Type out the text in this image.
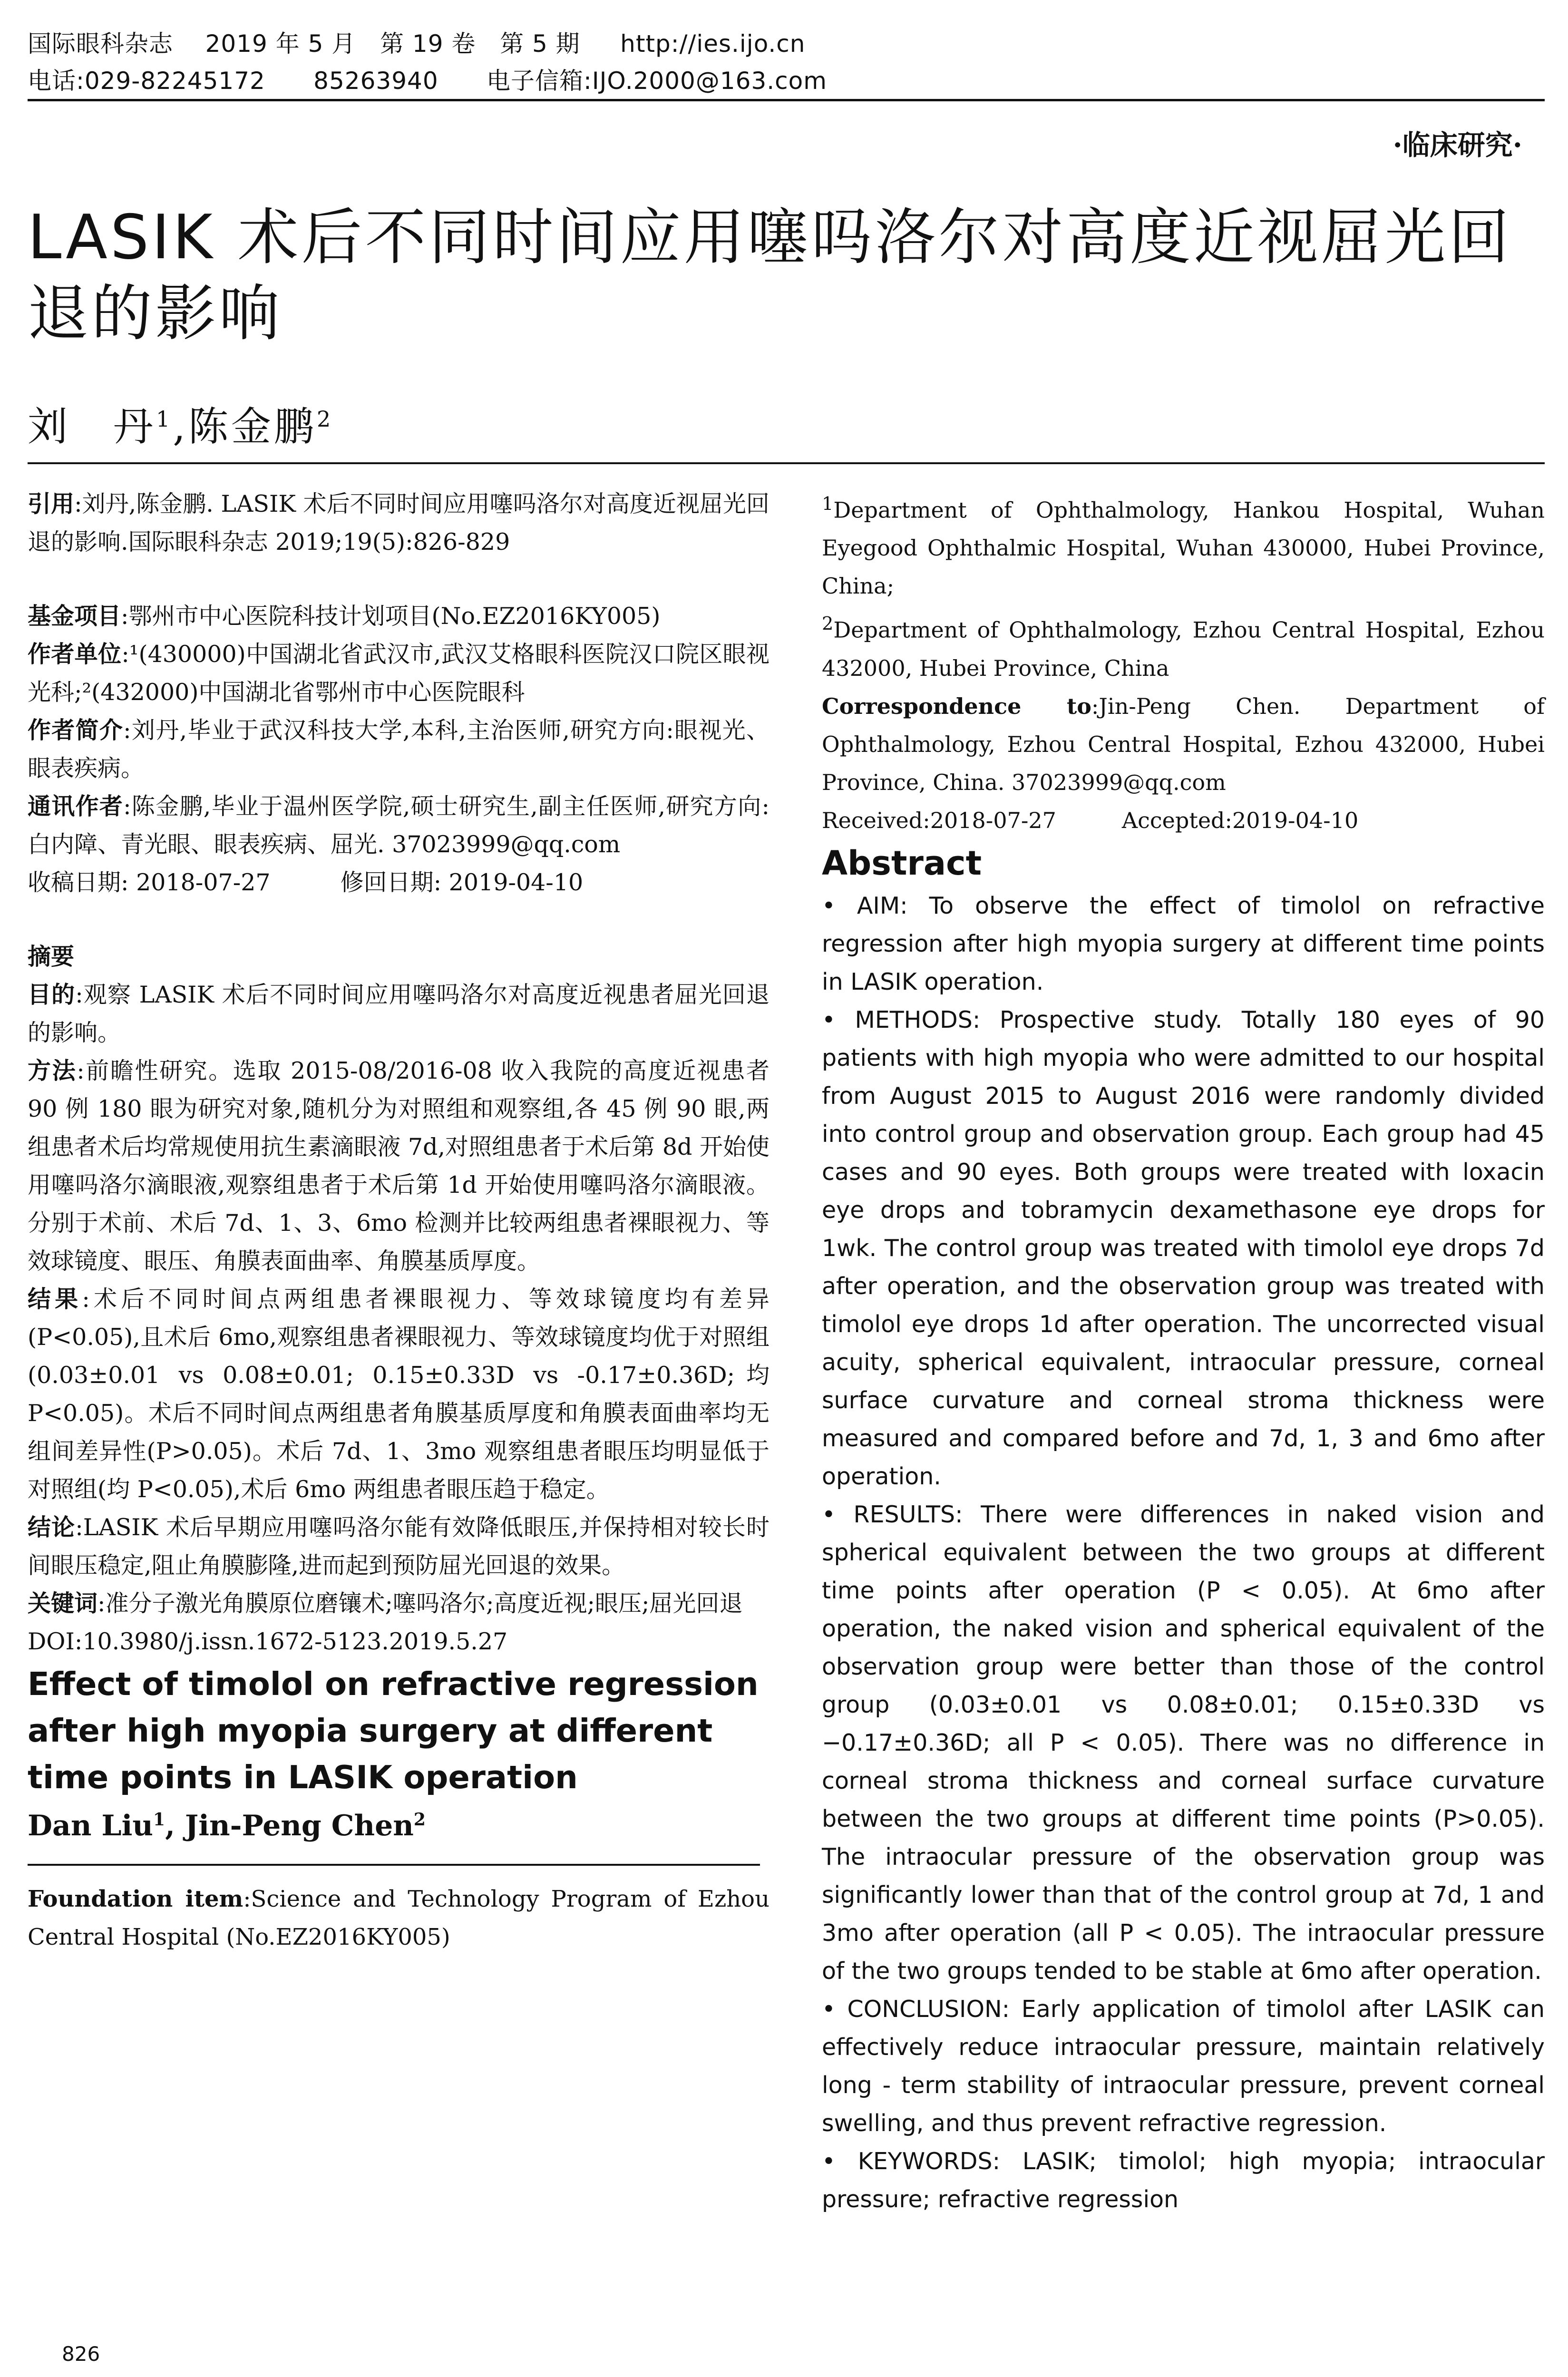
国际眼科杂志    2019 年 5 月   第 19 卷   第 5 期     http://ies.ijo.cn
电话:029-82245172      85263940      电子信箱:IJO.2000@163.com
·临床研究·
LASIK 术后不同时间应用噻吗洛尔对高度近视屈光回退的影响
刘　丹$^1$,陈金鹏$^2$

引用:刘丹,陈金鹏. LASIK 术后不同时间应用噻吗洛尔对高度近视屈光回退的影响.国际眼科杂志 2019;19(5):826-829

基金项目:鄂州市中心医院科技计划项目(No.EZ2016KY005)

作者单位:¹(430000)中国湖北省武汉市,武汉艾格眼科医院汉口院区眼视光科;²(432000)中国湖北省鄂州市中心医院眼科

作者简介:刘丹,毕业于武汉科技大学,本科,主治医师,研究方向:眼视光、眼表疾病。

通讯作者:陈金鹏,毕业于温州医学院,硕士研究生,副主任医师,研究方向:白内障、青光眼、眼表疾病、屈光. 37023999@qq.com

收稿日期: 2018-07-27　　　修回日期: 2019-04-10

摘要

目的:观察 LASIK 术后不同时间应用噻吗洛尔对高度近视患者屈光回退的影响。

方法:前瞻性研究。选取 2015-08/2016-08 收入我院的高度近视患者 90 例 180 眼为研究对象,随机分为对照组和观察组,各 45 例 90 眼,两组患者术后均常规使用抗生素滴眼液 7d,对照组患者于术后第 8d 开始使用噻吗洛尔滴眼液,观察组患者于术后第 1d 开始使用噻吗洛尔滴眼液。分别于术前、术后 7d、1、3、6mo 检测并比较两组患者裸眼视力、等效球镜度、眼压、角膜表面曲率、角膜基质厚度。

结果:术后不同时间点两组患者裸眼视力、等效球镜度均有差异(P<0.05),且术后 6mo,观察组患者裸眼视力、等效球镜度均优于对照组(0.03±0.01 vs 0.08±0.01; 0.15±0.33D vs -0.17±0.36D;均 P<0.05)。术后不同时间点两组患者角膜基质厚度和角膜表面曲率均无组间差异性(P>0.05)。术后 7d、1、3mo 观察组患者眼压均明显低于对照组(均 P<0.05),术后 6mo 两组患者眼压趋于稳定。

结论:LASIK 术后早期应用噻吗洛尔能有效降低眼压,并保持相对较长时间眼压稳定,阻止角膜膨隆,进而起到预防屈光回退的效果。

关键词:准分子激光角膜原位磨镶术;噻吗洛尔;高度近视;眼压;屈光回退

DOI:10.3980/j.issn.1672-5123.2019.5.27

Effect of timolol on refractive regression after high myopia surgery at different time points in LASIK operation

Dan Liu$^1$, Jin-Peng Chen$^2$

Foundation item:Science and Technology Program of Ezhou Central Hospital (No.EZ2016KY005)

$^1$Department of Ophthalmology, Hankou Hospital, Wuhan Eyegood Ophthalmic Hospital, Wuhan 430000, Hubei Province, China;

$^2$Department of Ophthalmology, Ezhou Central Hospital, Ezhou 432000, Hubei Province, China

Correspondence to:Jin-Peng Chen. Department of Ophthalmology, Ezhou Central Hospital, Ezhou 432000, Hubei Province, China. 37023999@qq.com

Received:2018-07-27　　　Accepted:2019-04-10

Abstract

• AIM: To observe the effect of timolol on refractive regression after high myopia surgery at different time points in LASIK operation.

• METHODS: Prospective study. Totally 180 eyes of 90 patients with high myopia who were admitted to our hospital from August 2015 to August 2016 were randomly divided into control group and observation group. Each group had 45 cases and 90 eyes. Both groups were treated with loxacin eye drops and tobramycin dexamethasone eye drops for 1wk. The control group was treated with timolol eye drops 7d after operation, and the observation group was treated with timolol eye drops 1d after operation. The uncorrected visual acuity, spherical equivalent, intraocular pressure, corneal surface curvature and corneal stroma thickness were measured and compared before and 7d, 1, 3 and 6mo after operation.

• RESULTS: There were differences in naked vision and spherical equivalent between the two groups at different time points after operation (P < 0.05). At 6mo after operation, the naked vision and spherical equivalent of the observation group were better than those of the control group (0.03±0.01 vs 0.08±0.01; 0.15±0.33D vs −0.17±0.36D; all P < 0.05). There was no difference in corneal stroma thickness and corneal surface curvature between the two groups at different time points (P>0.05). The intraocular pressure of the observation group was significantly lower than that of the control group at 7d, 1 and 3mo after operation (all P < 0.05). The intraocular pressure of the two groups tended to be stable at 6mo after operation.

• CONCLUSION: Early application of timolol after LASIK can effectively reduce intraocular pressure, maintain relatively long - term stability of intraocular pressure, prevent corneal swelling, and thus prevent refractive regression.

• KEYWORDS: LASIK; timolol; high myopia; intraocular pressure; refractive regression

826
